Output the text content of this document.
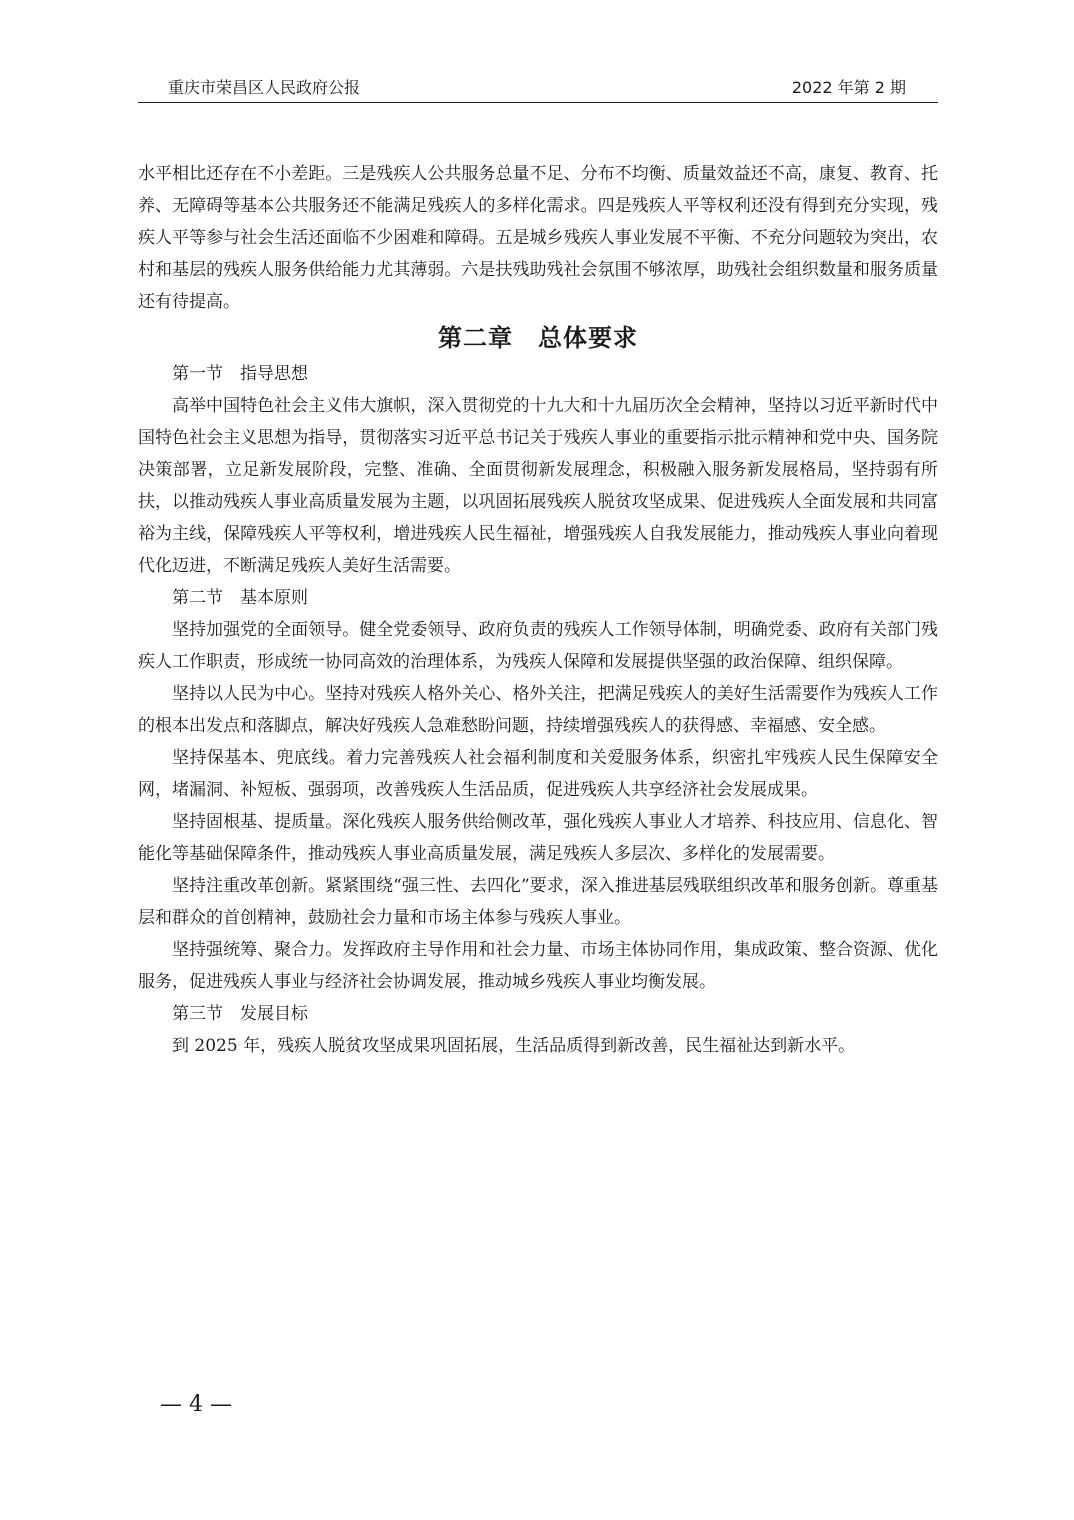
重庆市荣昌区人民政府公报	2022 年第 2 期

水平相比还存在不小差距。三是残疾人公共服务总量不足、分布不均衡、质量效益还不高，康复、教育、托养、无障碍等基本公共服务还不能满足残疾人的多样化需求。四是残疾人平等权利还没有得到充分实现，残疾人平等参与社会生活还面临不少困难和障碍。五是城乡残疾人事业发展不平衡、不充分问题较为突出，农村和基层的残疾人服务供给能力尤其薄弱。六是扶残助残社会氛围不够浓厚，助残社会组织数量和服务质量还有待提高。

第二章　总体要求

第一节　指导思想

高举中国特色社会主义伟大旗帜，深入贯彻党的十九大和十九届历次全会精神，坚持以习近平新时代中国特色社会主义思想为指导，贯彻落实习近平总书记关于残疾人事业的重要指示批示精神和党中央、国务院决策部署，立足新发展阶段，完整、准确、全面贯彻新发展理念，积极融入服务新发展格局，坚持弱有所扶，以推动残疾人事业高质量发展为主题，以巩固拓展残疾人脱贫攻坚成果、促进残疾人全面发展和共同富裕为主线，保障残疾人平等权利，增进残疾人民生福祉，增强残疾人自我发展能力，推动残疾人事业向着现代化迈进，不断满足残疾人美好生活需要。

第二节　基本原则

坚持加强党的全面领导。健全党委领导、政府负责的残疾人工作领导体制，明确党委、政府有关部门残疾人工作职责，形成统一协同高效的治理体系，为残疾人保障和发展提供坚强的政治保障、组织保障。

坚持以人民为中心。坚持对残疾人格外关心、格外关注，把满足残疾人的美好生活需要作为残疾人工作的根本出发点和落脚点，解决好残疾人急难愁盼问题，持续增强残疾人的获得感、幸福感、安全感。

坚持保基本、兜底线。着力完善残疾人社会福利制度和关爱服务体系，织密扎牢残疾人民生保障安全网，堵漏洞、补短板、强弱项，改善残疾人生活品质，促进残疾人共享经济社会发展成果。

坚持固根基、提质量。深化残疾人服务供给侧改革，强化残疾人事业人才培养、科技应用、信息化、智能化等基础保障条件，推动残疾人事业高质量发展，满足残疾人多层次、多样化的发展需要。

坚持注重改革创新。紧紧围绕“强三性、去四化”要求，深入推进基层残联组织改革和服务创新。尊重基层和群众的首创精神，鼓励社会力量和市场主体参与残疾人事业。

坚持强统筹、聚合力。发挥政府主导作用和社会力量、市场主体协同作用，集成政策、整合资源、优化服务，促进残疾人事业与经济社会协调发展，推动城乡残疾人事业均衡发展。

第三节　发展目标

到 2025 年，残疾人脱贫攻坚成果巩固拓展，生活品质得到新改善，民生福祉达到新水平。

— 4 —
